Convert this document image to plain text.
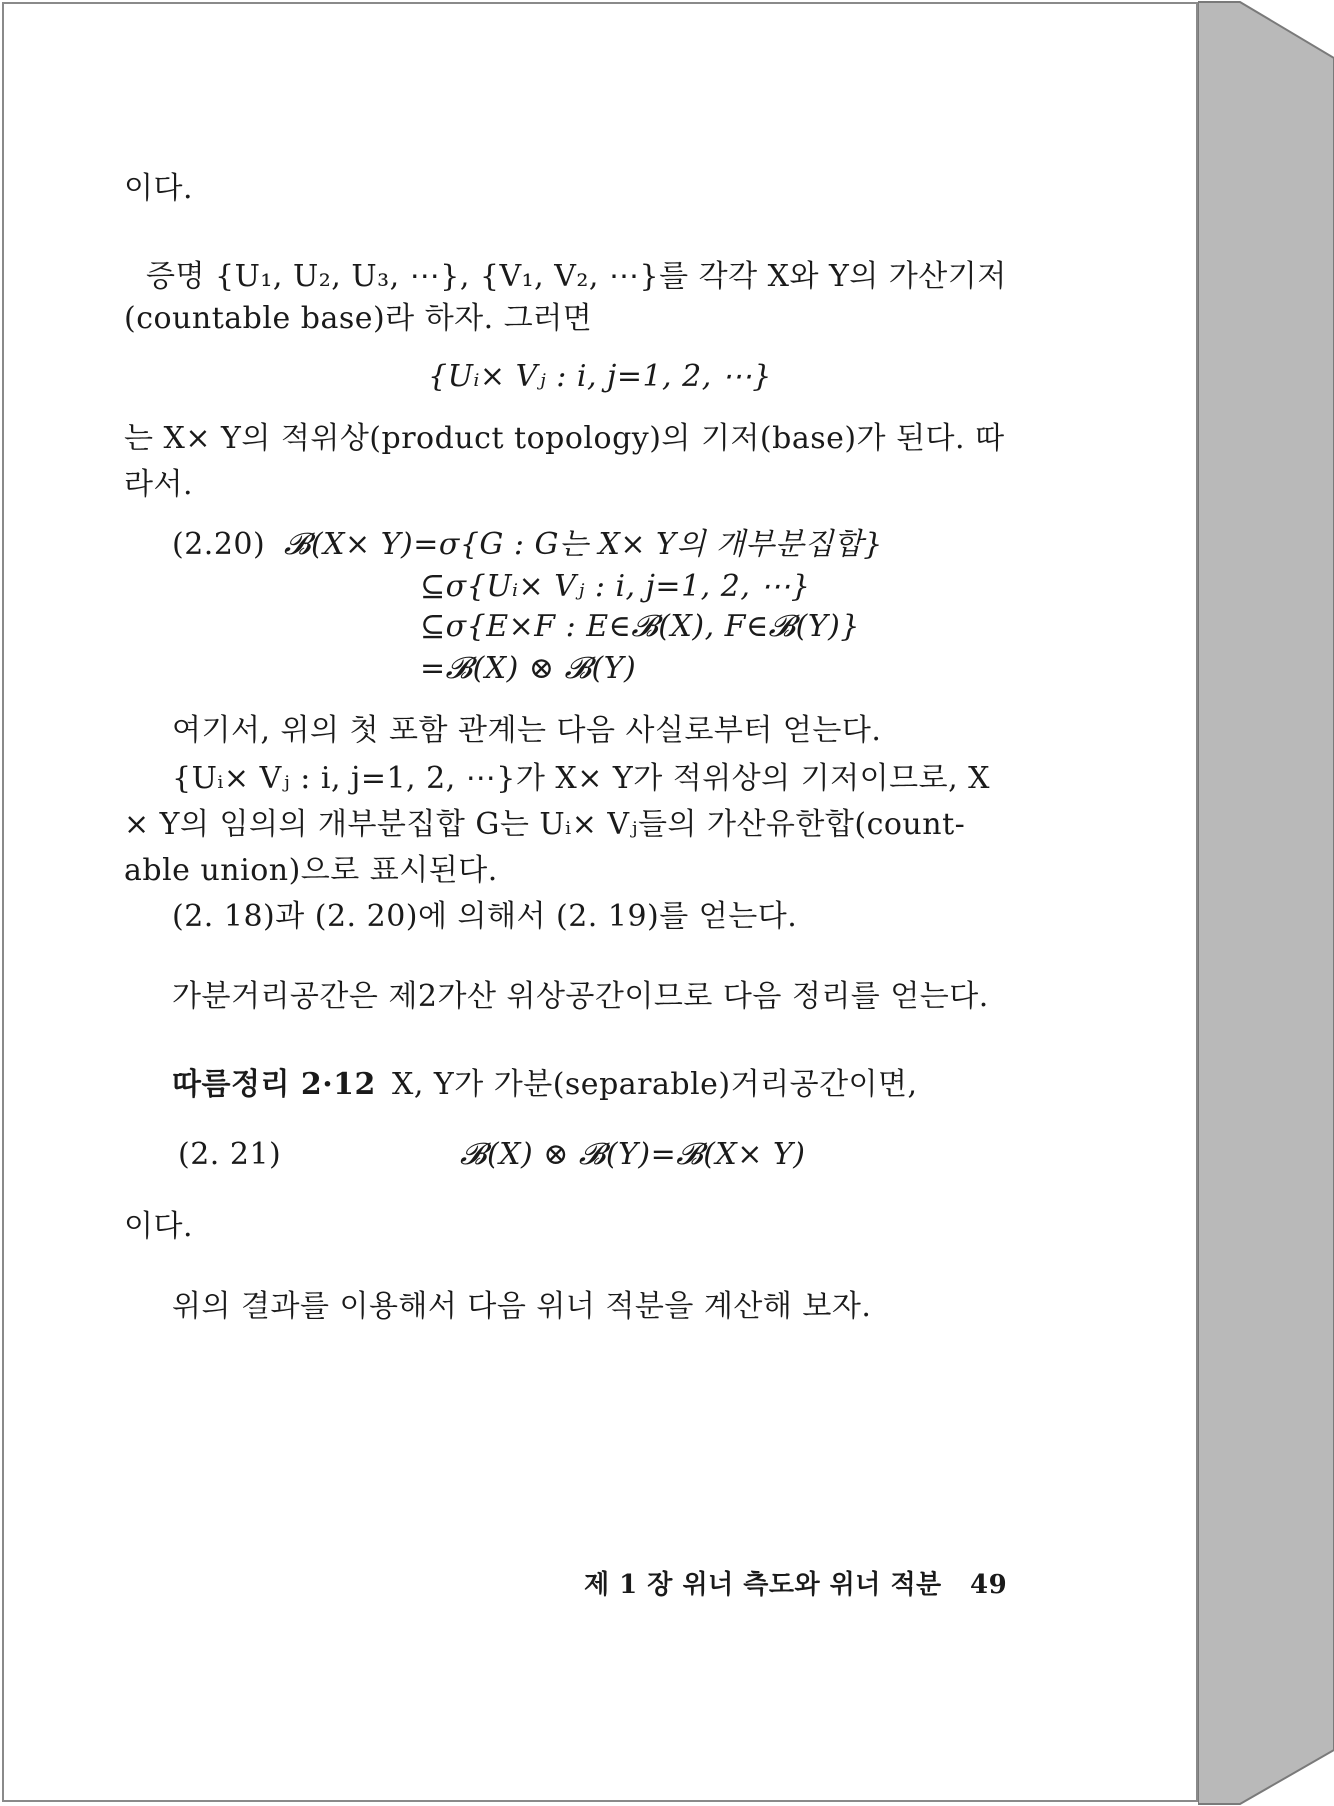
이다.
증명 {U₁, U₂, U₃, ⋯}, {V₁, V₂, ⋯}를 각각 X와 Y의 가산기저
(countable base)라 하자. 그러면
{Uᵢ× Vⱼ : i, j=1, 2, ⋯}
는 X× Y의 적위상(product topology)의 기저(base)가 된다. 따
라서.
(2.20) 𝓑(X× Y)=σ{G : G는 X× Y의 개부분집합}
⊆σ{Uᵢ× Vⱼ : i, j=1, 2, ⋯}
⊆σ{E×F : E∈𝓑(X), F∈𝓑(Y)}
=𝓑(X) ⊗ 𝓑(Y)
여기서, 위의 첫 포함 관계는 다음 사실로부터 얻는다.
{Uᵢ× Vⱼ : i, j=1, 2, ⋯}가 X× Y가 적위상의 기저이므로, X
× Y의 임의의 개부분집합 G는 Uᵢ× Vⱼ들의 가산유한합(count-
able union)으로 표시된다.
(2. 18)과 (2. 20)에 의해서 (2. 19)를 얻는다.
가분거리공간은 제2가산 위상공간이므로 다음 정리를 얻는다.
따름정리 2·12 X, Y가 가분(separable)거리공간이면,
(2. 21)	𝓑(X) ⊗ 𝓑(Y)=𝓑(X× Y)
이다.
위의 결과를 이용해서 다음 위너 적분을 계산해 보자.
제 1 장 위너 측도와 위너 적분 49
